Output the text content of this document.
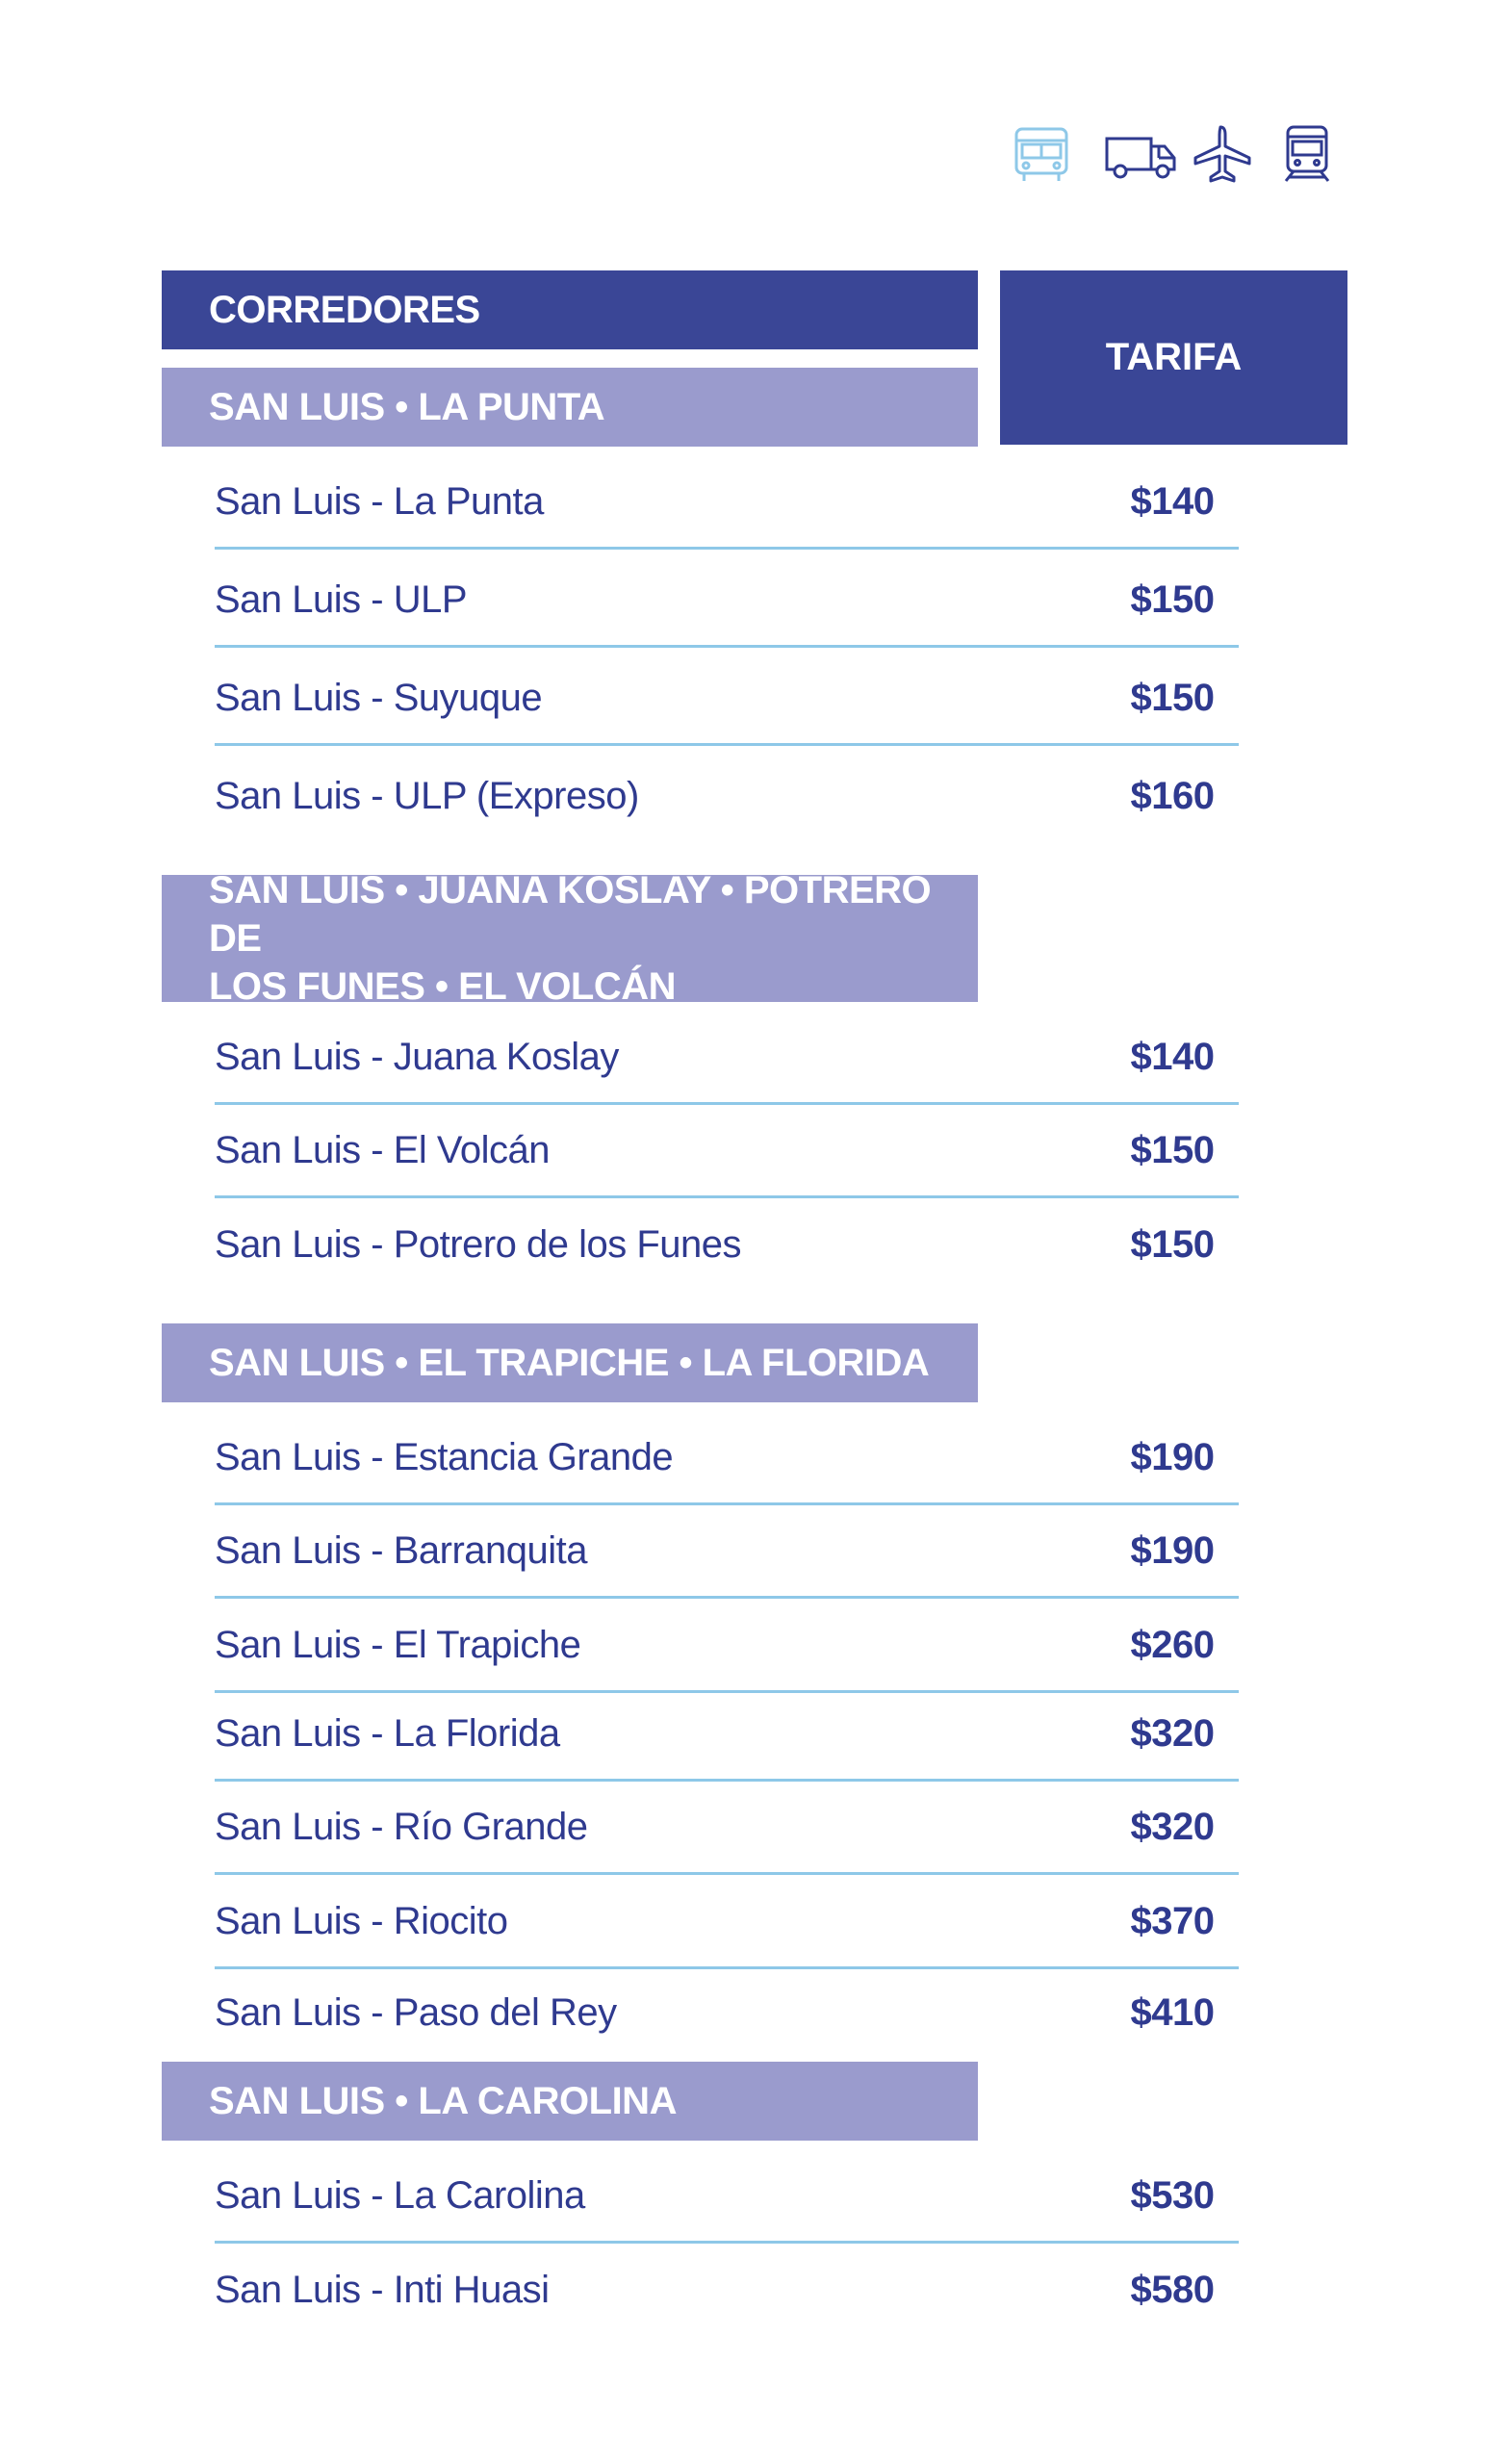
CORREDORES
TARIFA
SAN LUIS • LA PUNTA
San Luis - La Punta	$140
San Luis - ULP	$150
San Luis - Suyuque	$150
San Luis - ULP (Expreso)	$160
SAN LUIS • JUANA KOSLAY • POTRERO DE
LOS FUNES • EL VOLCÁN
San Luis - Juana Koslay	$140
San Luis - El Volcán	$150
San Luis - Potrero de los Funes	$150
SAN LUIS • EL TRAPICHE • LA FLORIDA
San Luis - Estancia Grande	$190
San Luis - Barranquita	$190
San Luis - El Trapiche	$260
San Luis - La Florida	$320
San Luis - Río Grande	$320
San Luis - Riocito	$370
San Luis - Paso del Rey	$410
SAN LUIS • LA CAROLINA
San Luis - La Carolina	$530
San Luis - Inti Huasi	$580
